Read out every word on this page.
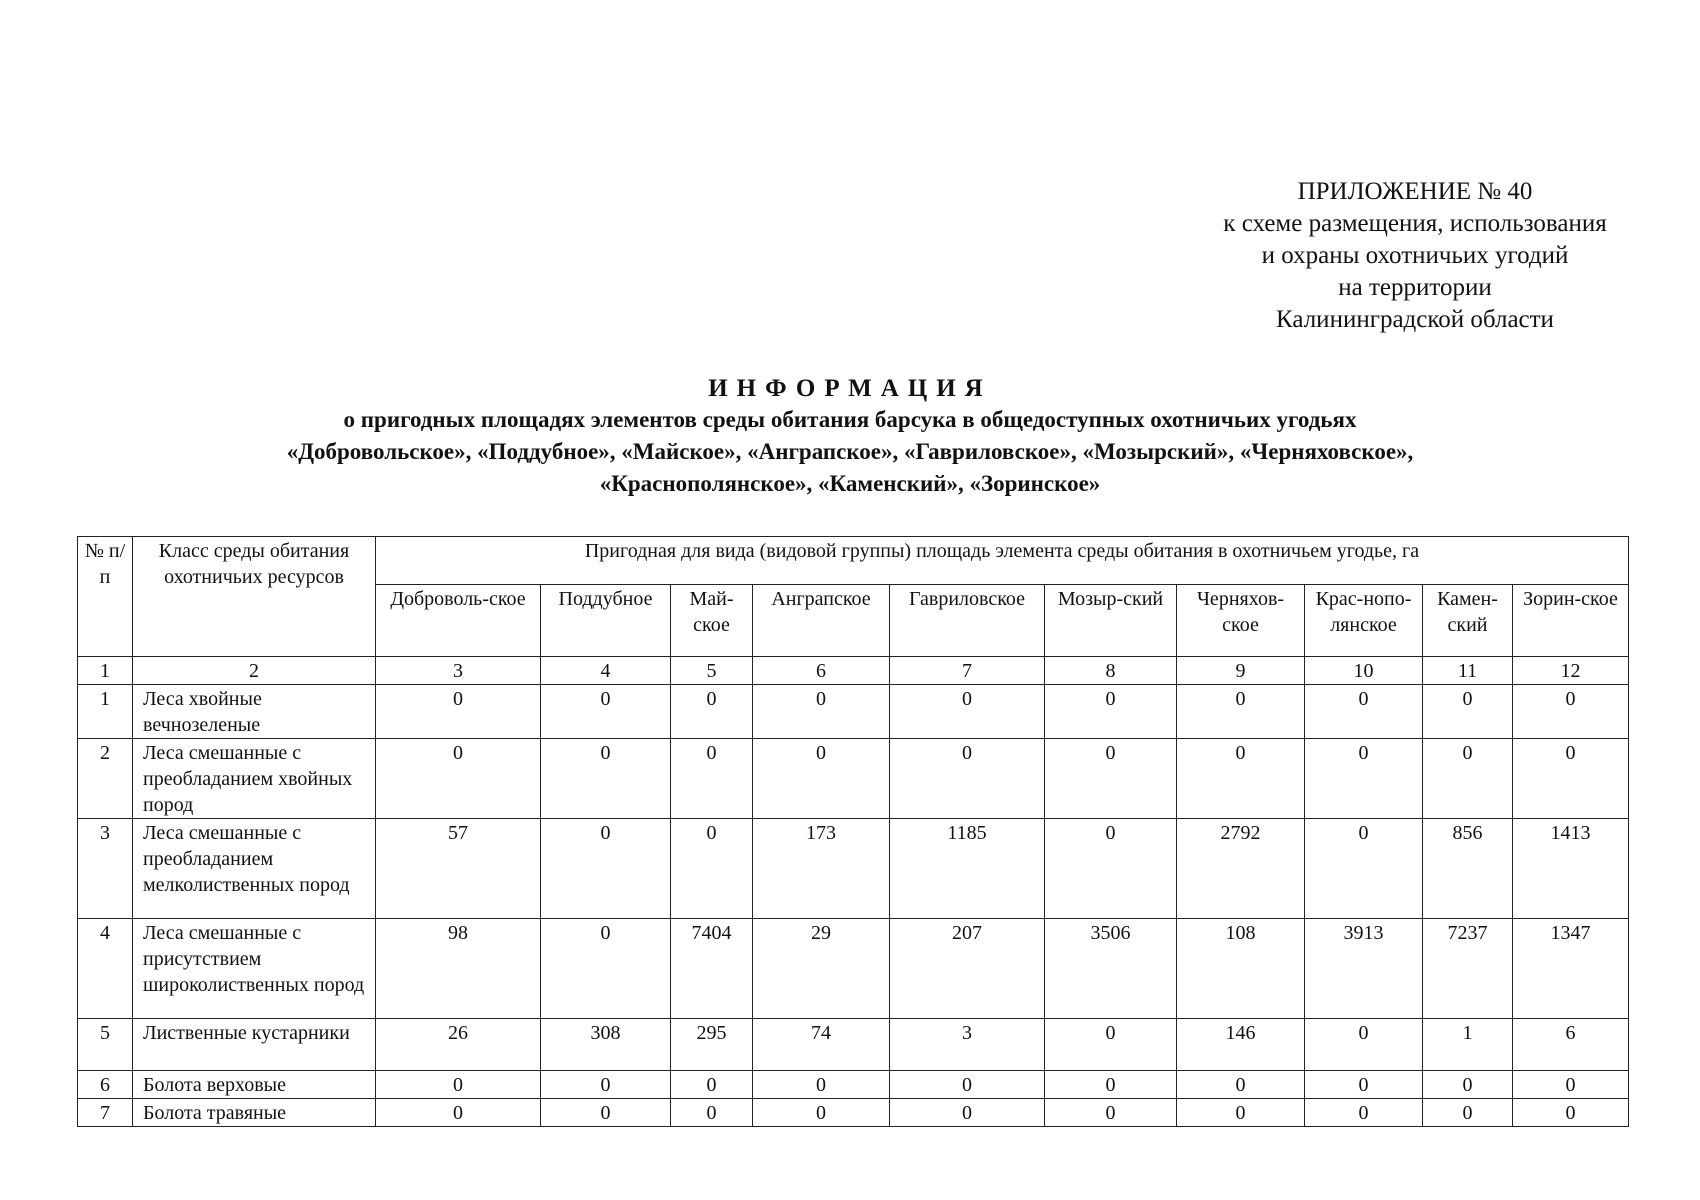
ПРИЛОЖЕНИЕ № 40
к схеме размещения, использования
и охраны охотничьих угодий
на территории
Калининградской области
ИНФОРМАЦИЯ
о пригодных площадях элементов среды обитания барсука в общедоступных охотничьих угодьях
«Добровольское», «Поддубное», «Майское», «Анграпское», «Гавриловское», «Мозырский», «Черняховское»,
«Краснополянское», «Каменский», «Зоринское»
№ п/п	Класс среды обитания охотничьих ресурсов	Пригодная для вида (видовой группы) площадь элемента среды обитания в охотничьем угодье, га									
		Доброволь-ское	Поддубное	Май-ское	Анграпское	Гавриловское	Мозыр-ский	Черняхов-ское	Крас-нопо-лянское	Камен-ский	Зорин-ское
1	2	3	4	5	6	7	8	9	10	11	12
1	Леса хвойные вечнозеленые	0	0	0	0	0	0	0	0	0	0
2	Леса смешанные с преобладанием хвойных пород	0	0	0	0	0	0	0	0	0	0
3	Леса смешанные с преобладанием мелколиственных пород	57	0	0	173	1185	0	2792	0	856	1413
4	Леса смешанные с присутствием широколиственных пород	98	0	7404	29	207	3506	108	3913	7237	1347
5	Лиственные кустарники	26	308	295	74	3	0	146	0	1	6
6	Болота верховые	0	0	0	0	0	0	0	0	0	0
7	Болота травяные	0	0	0	0	0	0	0	0	0	0
